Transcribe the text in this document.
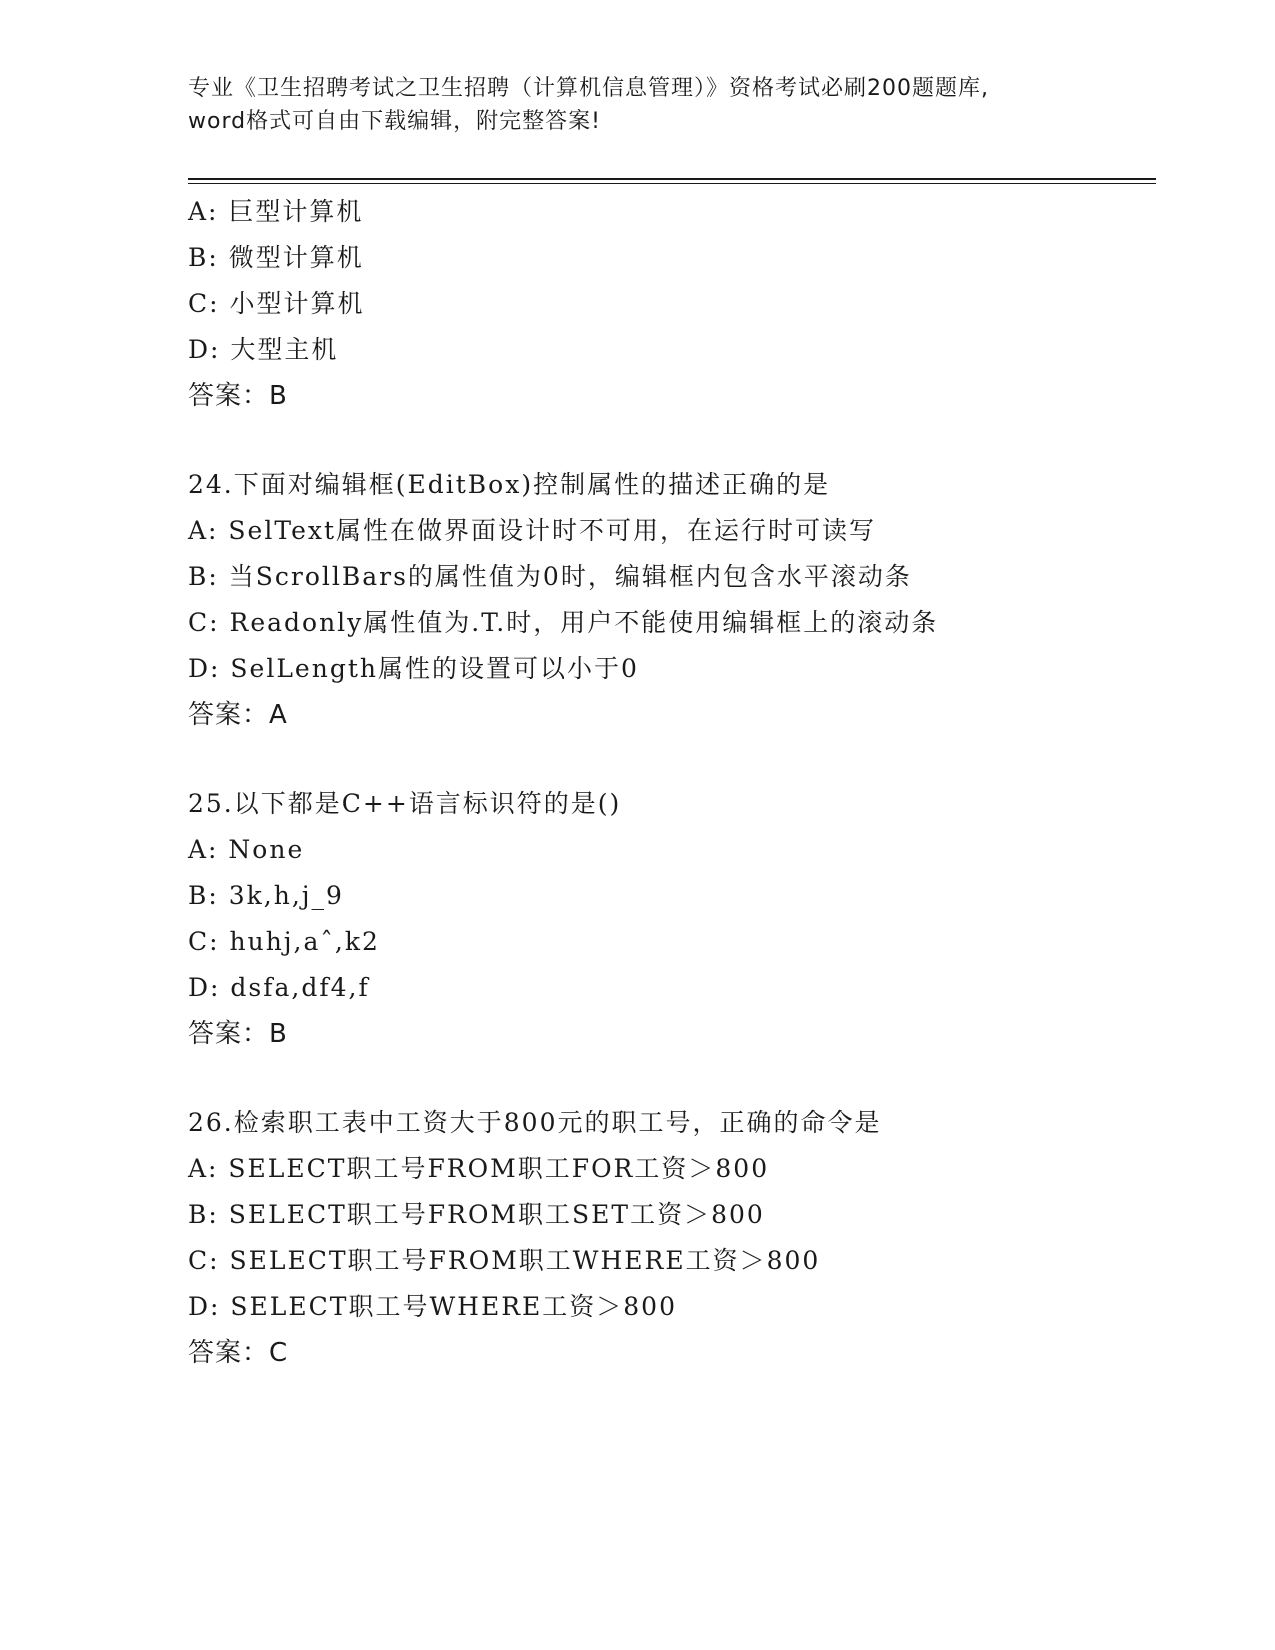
专业《卫生招聘考试之卫生招聘（计算机信息管理）》资格考试必刷200题题库,
word格式可自由下载编辑，附完整答案!
A: 巨型计算机
B: 微型计算机
C: 小型计算机
D: 大型主机
答案：B
24.下面对编辑框(EditBox)控制属性的描述正确的是
A: SelText属性在做界面设计时不可用，在运行时可读写
B: 当ScrollBars的属性值为0时，编辑框内包含水平滚动条
C: Readonly属性值为.T.时，用户不能使用编辑框上的滚动条
D: SelLength属性的设置可以小于0
答案：A
25.以下都是C++语言标识符的是()
A: None
B: 3k,h,j_9
C: huhj,aˆ,k2
D: dsfa,df4,f
答案：B
26.检索职工表中工资大于800元的职工号，正确的命令是
A: SELECT职工号FROM职工FOR工资＞800
B: SELECT职工号FROM职工SET工资＞800
C: SELECT职工号FROM职工WHERE工资＞800
D: SELECT职工号WHERE工资＞800
答案：C
